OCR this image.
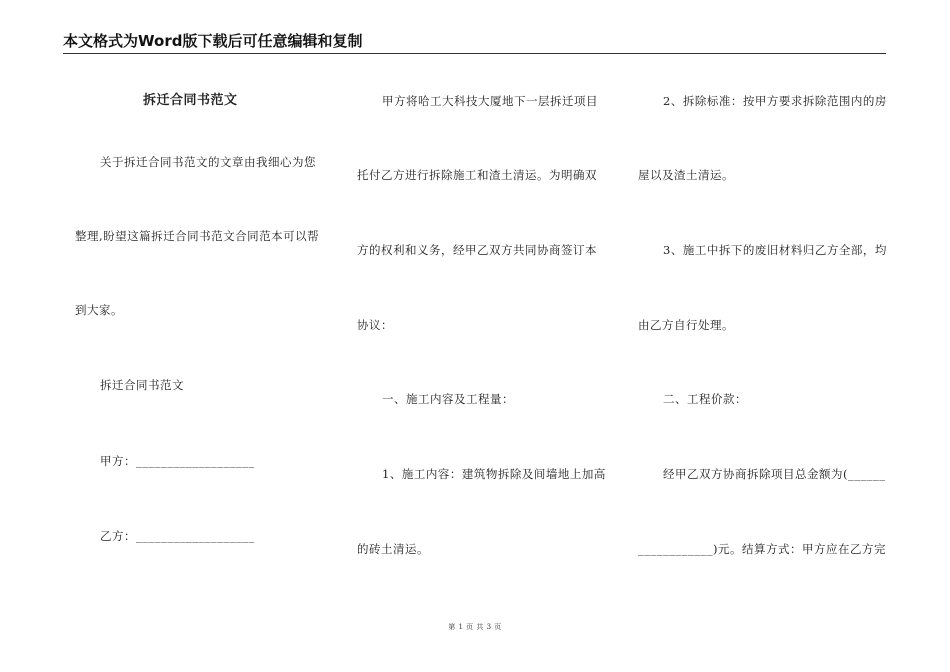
本文格式为Word版下载后可任意编辑和复制
拆迁合同书范文
关于拆迁合同书范文的文章由我细心为您
整理,盼望这篇拆迁合同书范文合同范本可以帮
到大家。
拆迁合同书范文
甲方：___________________
乙方：___________________
甲方将哈工大科技大厦地下一层拆迁项目
托付乙方进行拆除施工和渣土清运。为明确双
方的权利和义务，经甲乙双方共同协商签订本
协议：
一、施工内容及工程量：
1、施工内容：建筑物拆除及间墙地上加高
的砖土清运。
2、拆除标准：按甲方要求拆除范围内的房
屋以及渣土清运。
3、施工中拆下的废旧材料归乙方全部，均
由乙方自行处理。
二、工程价款：
经甲乙双方协商拆除项目总金额为(______
____________)元。结算方式：甲方应在乙方完
第 1 页 共 3 页
